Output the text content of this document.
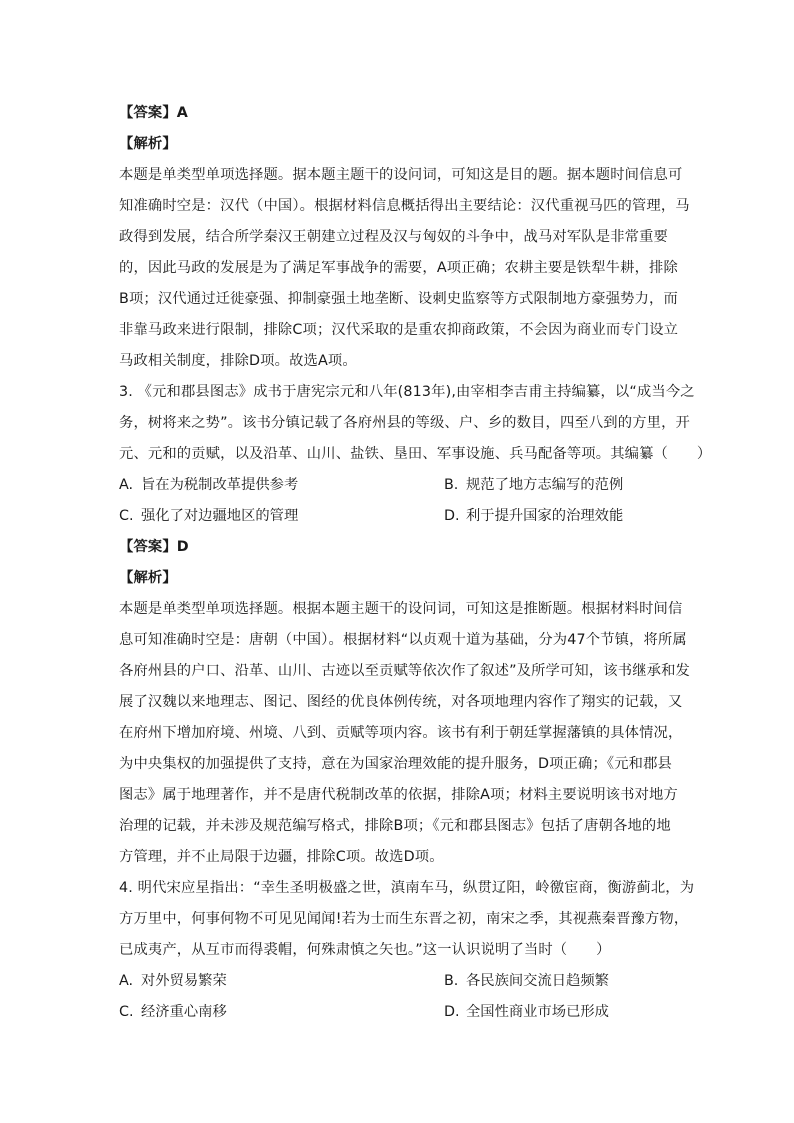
【答案】A
【解析】
本题是单类型单项选择题。据本题主题干的设问词，可知这是目的题。据本题时间信息可
知准确时空是：汉代（中国）。根据材料信息概括得出主要结论：汉代重视马匹的管理，马
政得到发展，结合所学秦汉王朝建立过程及汉与匈奴的斗争中，战马对军队是非常重要
的，因此马政的发展是为了满足军事战争的需要，A项正确；农耕主要是铁犁牛耕，排除
B项；汉代通过迁徙豪强、抑制豪强土地垄断、设刺史监察等方式限制地方豪强势力，而
非靠马政来进行限制，排除C项；汉代采取的是重农抑商政策，不会因为商业而专门设立
马政相关制度，排除D项。故选A项。
3. 《元和郡县图志》成书于唐宪宗元和八年(813年),由宰相李吉甫主持编纂，以“成当今之
务，树将来之势”。该书分镇记载了各府州县的等级、户、乡的数目，四至八到的方里，开
元、元和的贡赋，以及沿革、山川、盐铁、垦田、军事设施、兵马配备等项。其编纂（　　）
A. 旨在为税制改革提供参考	B. 规范了地方志编写的范例
C. 强化了对边疆地区的管理	D. 利于提升国家的治理效能
【答案】D
【解析】
本题是单类型单项选择题。根据本题主题干的设问词，可知这是推断题。根据材料时间信
息可知准确时空是：唐朝（中国）。根据材料“以贞观十道为基础，分为47个节镇，将所属
各府州县的户口、沿革、山川、古迹以至贡赋等依次作了叙述”及所学可知，该书继承和发
展了汉魏以来地理志、图记、图经的优良体例传统，对各项地理内容作了翔实的记载，又
在府州下增加府境、州境、八到、贡赋等项内容。该书有利于朝廷掌握藩镇的具体情况，
为中央集权的加强提供了支持，意在为国家治理效能的提升服务，D项正确；《元和郡县
图志》属于地理著作，并不是唐代税制改革的依据，排除A项；材料主要说明该书对地方
治理的记载，并未涉及规范编写格式，排除B项；《元和郡县图志》包括了唐朝各地的地
方管理，并不止局限于边疆，排除C项。故选D项。
4. 明代宋应星指出：“幸生圣明极盛之世，滇南车马，纵贯辽阳，岭徼宦商，衡游蓟北，为
方万里中，何事何物不可见见闻闻!若为士而生东晋之初，南宋之季，其视燕秦晋豫方物，
已成夷产，从互市而得裘帽，何殊肃慎之矢也。”这一认识说明了当时（　　）
A. 对外贸易繁荣	B. 各民族间交流日趋频繁
C. 经济重心南移	D. 全国性商业市场已形成
